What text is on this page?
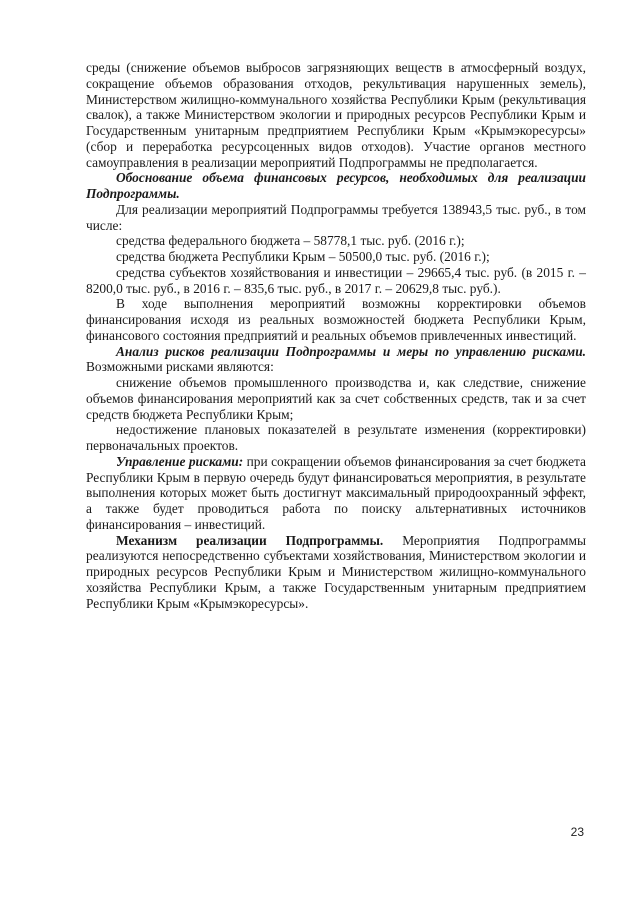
среды (снижение объемов выбросов загрязняющих веществ в атмосферный воздух, сокращение объемов образования отходов, рекультивация нарушенных земель), Министерством жилищно-коммунального хозяйства Республики Крым (рекультивация свалок), а также Министерством экологии и природных ресурсов Республики Крым и Государственным унитарным предприятием Республики Крым «Крымэкоресурсы» (сбор и переработка ресурсоценных видов отходов). Участие органов местного самоуправления в реализации мероприятий Подпрограммы не предполагается.

Обоснование объема финансовых ресурсов, необходимых для реализации Подпрограммы.

Для реализации мероприятий Подпрограммы требуется 138943,5 тыс. руб., в том числе:

средства федерального бюджета – 58778,1 тыс. руб. (2016 г.);

средства бюджета Республики Крым – 50500,0 тыс. руб. (2016 г.);

средства субъектов хозяйствования и инвестиции – 29665,4 тыс. руб. (в 2015 г. – 8200,0 тыс. руб., в 2016 г. – 835,6 тыс. руб., в 2017 г. – 20629,8 тыс. руб.).

В ходе выполнения мероприятий возможны корректировки объемов финансирования исходя из реальных возможностей бюджета Республики Крым, финансового состояния предприятий и реальных объемов привлеченных инвестиций.

Анализ рисков реализации Подпрограммы и меры по управлению рисками. Возможными рисками являются:

снижение объемов промышленного производства и, как следствие, снижение объемов финансирования мероприятий как за счет собственных средств, так и за счет средств бюджета Республики Крым;

недостижение плановых показателей в результате изменения (корректировки) первоначальных проектов.

Управление рисками: при сокращении объемов финансирования за счет бюджета Республики Крым в первую очередь будут финансироваться мероприятия, в результате выполнения которых может быть достигнут максимальный природоохранный эффект, а также будет проводиться работа по поиску альтернативных источников финансирования – инвестиций.

Механизм реализации Подпрограммы. Мероприятия Подпрограммы реализуются непосредственно субъектами хозяйствования, Министерством экологии и природных ресурсов Республики Крым и Министерством жилищно-коммунального хозяйства Республики Крым, а также Государственным унитарным предприятием Республики Крым «Крымэкоресурсы».

23
